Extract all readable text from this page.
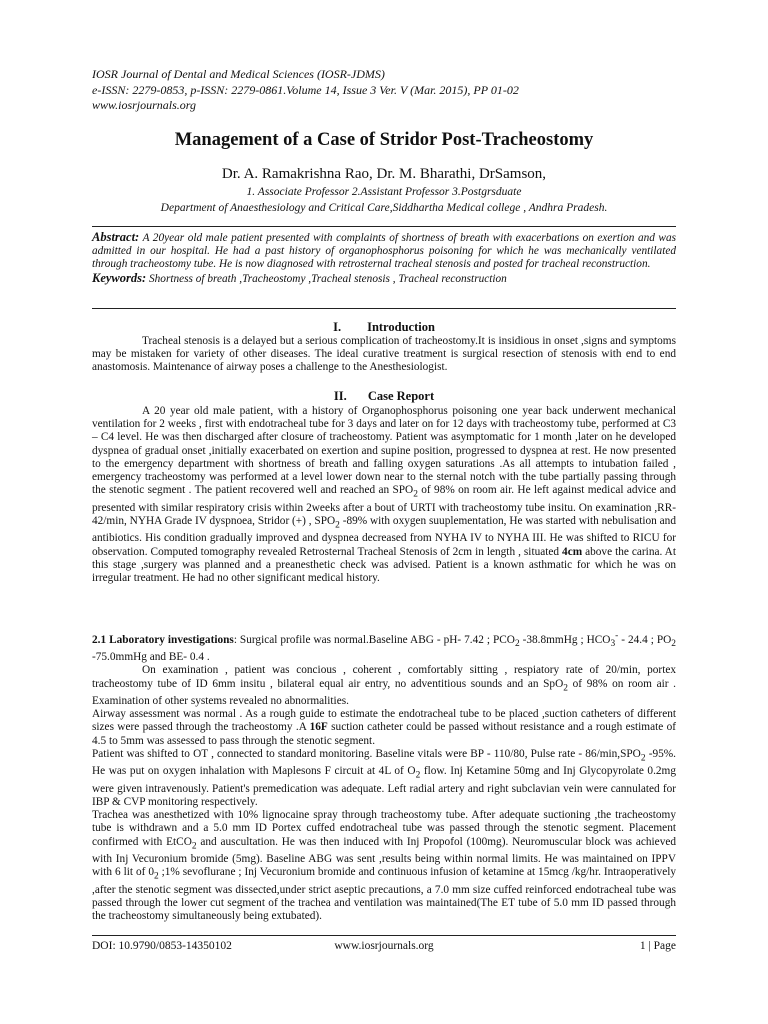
IOSR Journal of Dental and Medical Sciences (IOSR-JDMS)
e-ISSN: 2279-0853, p-ISSN: 2279-0861.Volume 14, Issue 3 Ver. V (Mar. 2015), PP 01-02
www.iosrjournals.org
Management of a Case of Stridor Post-Tracheostomy
Dr. A. Ramakrishna Rao, Dr. M. Bharathi, DrSamson,
1. Associate Professor 2.Assistant Professor 3.Postgrsduate
Department of Anaesthesiology and Critical Care,Siddhartha Medical college , Andhra Pradesh.
Abstract: A 20year old male patient presented with complaints of shortness of breath with exacerbations on exertion and was admitted in our hospital. He had a past history of organophosphorus poisoning for which he was mechanically ventilated through tracheostomy tube. He is now diagnosed with retrosternal tracheal stenosis and posted for tracheal reconstruction.
Keywords: Shortness of breath ,Tracheostomy ,Tracheal stenosis , Tracheal reconstruction
I. Introduction
Tracheal stenosis is a delayed but a serious complication of tracheostomy.It is insidious in onset ,signs and symptoms may be mistaken for variety of other diseases. The ideal curative treatment is surgical resection of stenosis with end to end anastomosis. Maintenance of airway poses a challenge to the Anesthesiologist.
II. Case Report
A 20 year old male patient, with a history of Organophosphorus poisoning one year back underwent mechanical ventilation for 2 weeks , first with endotracheal tube for 3 days and later on for 12 days with tracheostomy tube, performed at C3 – C4 level. He was then discharged after closure of tracheostomy. Patient was asymptomatic for 1 month ,later on he developed dyspnea of gradual onset ,initially exacerbated on exertion and supine position, progressed to dyspnea at rest. He now presented to the emergency department with shortness of breath and falling oxygen saturations .As all attempts to intubation failed , emergency tracheostomy was performed at a level lower down near to the sternal notch with the tube partially passing through the stenotic segment . The patient recovered well and reached an $SPO_2$ of 98% on room air. He left against medical advice and presented with similar respiratory crisis within 2weeks after a bout of URTI with tracheostomy tube insitu. On examination ,RR- 42/min, NYHA Grade IV dyspnoea, Stridor (+) , $SPO_2$ -89% with oxygen suuplementation, He was started with nebulisation and antibiotics. His condition gradually improved and dyspnea decreased from NYHA IV to NYHA III. He was shifted to RICU for observation. Computed tomography revealed Retrosternal Tracheal Stenosis of 2cm in length , situated 4cm above the carina. At this stage ,surgery was planned and a preanesthetic check was advised. Patient is a known asthmatic for which he was on irregular treatment. He had no other significant medical history.
2.1 Laboratory investigations: Surgical profile was normal.Baseline ABG - pH- 7.42 ; $PCO_2$ -38.8mmHg ; $HCO_3^- - 24.4$ ; $PO_2$ -75.0mmHg and BE- 0.4 .
On examination , patient was concious , coherent , comfortably sitting , respiatory rate of 20/min, portex tracheostomy tube of ID 6mm insitu , bilateral equal air entry, no adventitious sounds and an SpO$_2$ of 98% on room air . Examination of other systems revealed no abnormalities.
Airway assessment was normal . As a rough guide to estimate the endotracheal tube to be placed ,suction catheters of different sizes were passed through the tracheostomy .A 16F suction catheter could be passed without resistance and a rough estimate of 4.5 to 5mm was assessed to pass through the stenotic segment.
Patient was shifted to OT , connected to standard monitoring. Baseline vitals were BP - 110/80, Pulse rate - $86/\min,SPO_2$ -95%. He was put on oxygen inhalation with Maplesons F circuit at 4L of $O_2$ flow. Inj Ketamine 50mg and Inj Glycopyrolate 0.2mg were given intravenously. Patient's premedication was adequate. Left radial artery and right subclavian vein were cannulated for IBP & CVP monitoring respectively.
Trachea was anesthetized with 10% lignocaine spray through tracheostomy tube. After adequate suctioning ,the tracheostomy tube is withdrawn and a 5.0 mm ID Portex cuffed endotracheal tube was passed through the stenotic segment. Placement confirmed with EtCO$_2$ and auscultation. He was then induced with Inj Propofol (100mg). Neuromuscular block was achieved with Inj Vecuronium bromide (5mg). Baseline ABG was sent ,results being within normal limits. He was maintained on IPPV with 6 lit of $0_2$ ;1% sevoflurane ; Inj Vecuronium bromide and continuous infusion of ketamine at 15mcg /kg/hr. Intraoperatively ,after the stenotic segment was dissected,under strict aseptic precautions, a 7.0 mm size cuffed reinforced endotracheal tube was passed through the lower cut segment of the trachea and ventilation was maintained(The ET tube of 5.0 mm ID passed through the tracheostomy simultaneously being extubated).
DOI: 10.9790/0853-14350102	www.iosrjournals.org	1 | Page
